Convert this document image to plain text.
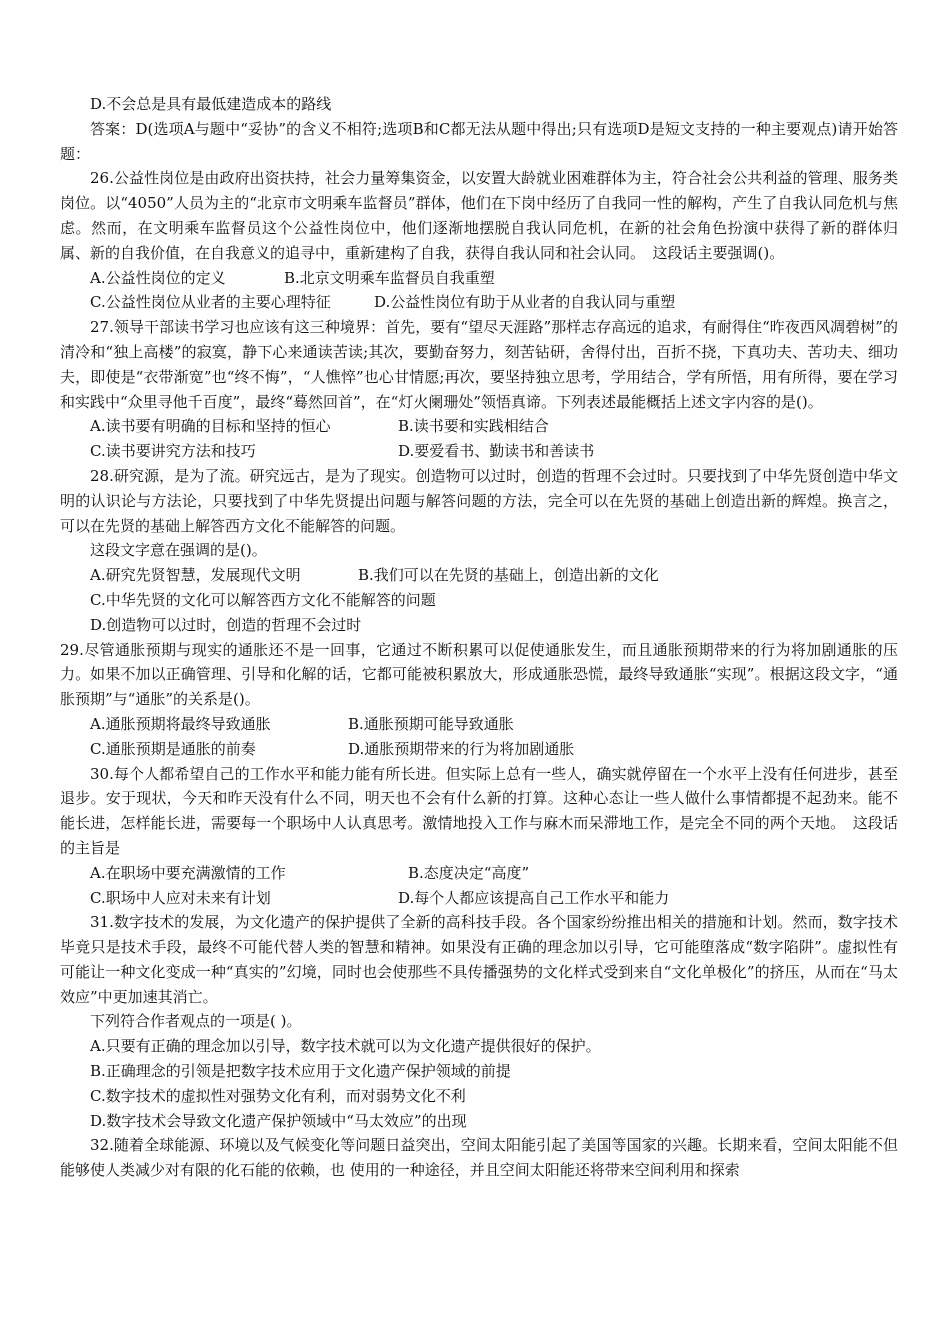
D.不会总是具有最低建造成本的路线

答案：D(选项A与题中“妥协”的含义不相符;选项B和C都无法从题中得出;只有选项D是短文支持的一种主要观点)请开始答题：

26.公益性岗位是由政府出资扶持，社会力量筹集资金，以安置大龄就业困难群体为主，符合社会公共利益的管理、服务类岗位。以“4050”人员为主的“北京市文明乘车监督员”群体，他们在下岗中经历了自我同一性的解构，产生了自我认同危机与焦虑。然而，在文明乘车监督员这个公益性岗位中，他们逐渐地摆脱自我认同危机，在新的社会角色扮演中获得了新的群体归属、新的自我价值，在自我意义的追寻中，重新建构了自我，获得自我认同和社会认同。　这段话主要强调()。

A.公益性岗位的定义	B.北京文明乘车监督员自我重塑
C.公益性岗位从业者的主要心理特征	D.公益性岗位有助于从业者的自我认同与重塑

27.领导干部读书学习也应该有这三种境界：首先，要有“望尽天涯路”那样志存高远的追求，有耐得住“昨夜西风凋碧树”的清冷和“独上高楼”的寂寞，静下心来通读苦读;其次，要勤奋努力，刻苦钻研，舍得付出，百折不挠，下真功夫、苦功夫、细功夫，即使是“衣带渐宽”也“终不悔”，“人憔悴”也心甘情愿;再次，要坚持独立思考，学用结合，学有所悟，用有所得，要在学习和实践中“众里寻他千百度”，最终“蓦然回首”，在“灯火阑珊处”领悟真谛。下列表述最能概括上述文字内容的是()。

A.读书要有明确的目标和坚持的恒心	B.读书要和实践相结合
C.读书要讲究方法和技巧	D.要爱看书、勤读书和善读书

28.研究源，是为了流。研究远古，是为了现实。创造物可以过时，创造的哲理不会过时。只要找到了中华先贤创造中华文明的认识论与方法论，只要找到了中华先贤提出问题与解答问题的方法，完全可以在先贤的基础上创造出新的辉煌。换言之，可以在先贤的基础上解答西方文化不能解答的问题。

这段文字意在强调的是()。
A.研究先贤智慧，发展现代文明	B.我们可以在先贤的基础上，创造出新的文化
C.中华先贤的文化可以解答西方文化不能解答的问题
D.创造物可以过时，创造的哲理不会过时

29.尽管通胀预期与现实的通胀还不是一回事，它通过不断积累可以促使通胀发生，而且通胀预期带来的行为将加剧通胀的压力。如果不加以正确管理、引导和化解的话，它都可能被积累放大，形成通胀恐慌，最终导致通胀“实现”。根据这段文字，“通胀预期”与“通胀”的关系是()。

A.通胀预期将最终导致通胀	B.通胀预期可能导致通胀
C.通胀预期是通胀的前奏	D.通胀预期带来的行为将加剧通胀

30.每个人都希望自己的工作水平和能力能有所长进。但实际上总有一些人，确实就停留在一个水平上没有任何进步，甚至退步。安于现状，今天和昨天没有什么不同，明天也不会有什么新的打算。这种心态让一些人做什么事情都提不起劲来。能不能长进，怎样能长进，需要每一个职场中人认真思考。激情地投入工作与麻木而呆滞地工作，是完全不同的两个天地。　这段话的主旨是

A.在职场中要充满激情的工作	B.态度决定“高度”
C.职场中人应对未来有计划	D.每个人都应该提高自己工作水平和能力

31.数字技术的发展，为文化遗产的保护提供了全新的高科技手段。各个国家纷纷推出相关的措施和计划。然而，数字技术毕竟只是技术手段，最终不可能代替人类的智慧和精神。如果没有正确的理念加以引导，它可能堕落成“数字陷阱”。虚拟性有可能让一种文化变成一种“真实的”幻境，同时也会使那些不具传播强势的文化样式受到来自“文化单极化”的挤压，从而在“马太效应”中更加速其消亡。

下列符合作者观点的一项是( )。
A.只要有正确的理念加以引导，数字技术就可以为文化遗产提供很好的保护。
B.正确理念的引领是把数字技术应用于文化遗产保护领域的前提
C.数字技术的虚拟性对强势文化有利，而对弱势文化不利
D.数字技术会导致文化遗产保护领域中“马太效应”的出现

32.随着全球能源、环境以及气候变化等问题日益突出，空间太阳能引起了美国等国家的兴趣。长期来看，空间太阳能不但能够使人类减少对有限的化石能的依赖，也 使用的一种途径，并且空间太阳能还将带来空间利用和探索
